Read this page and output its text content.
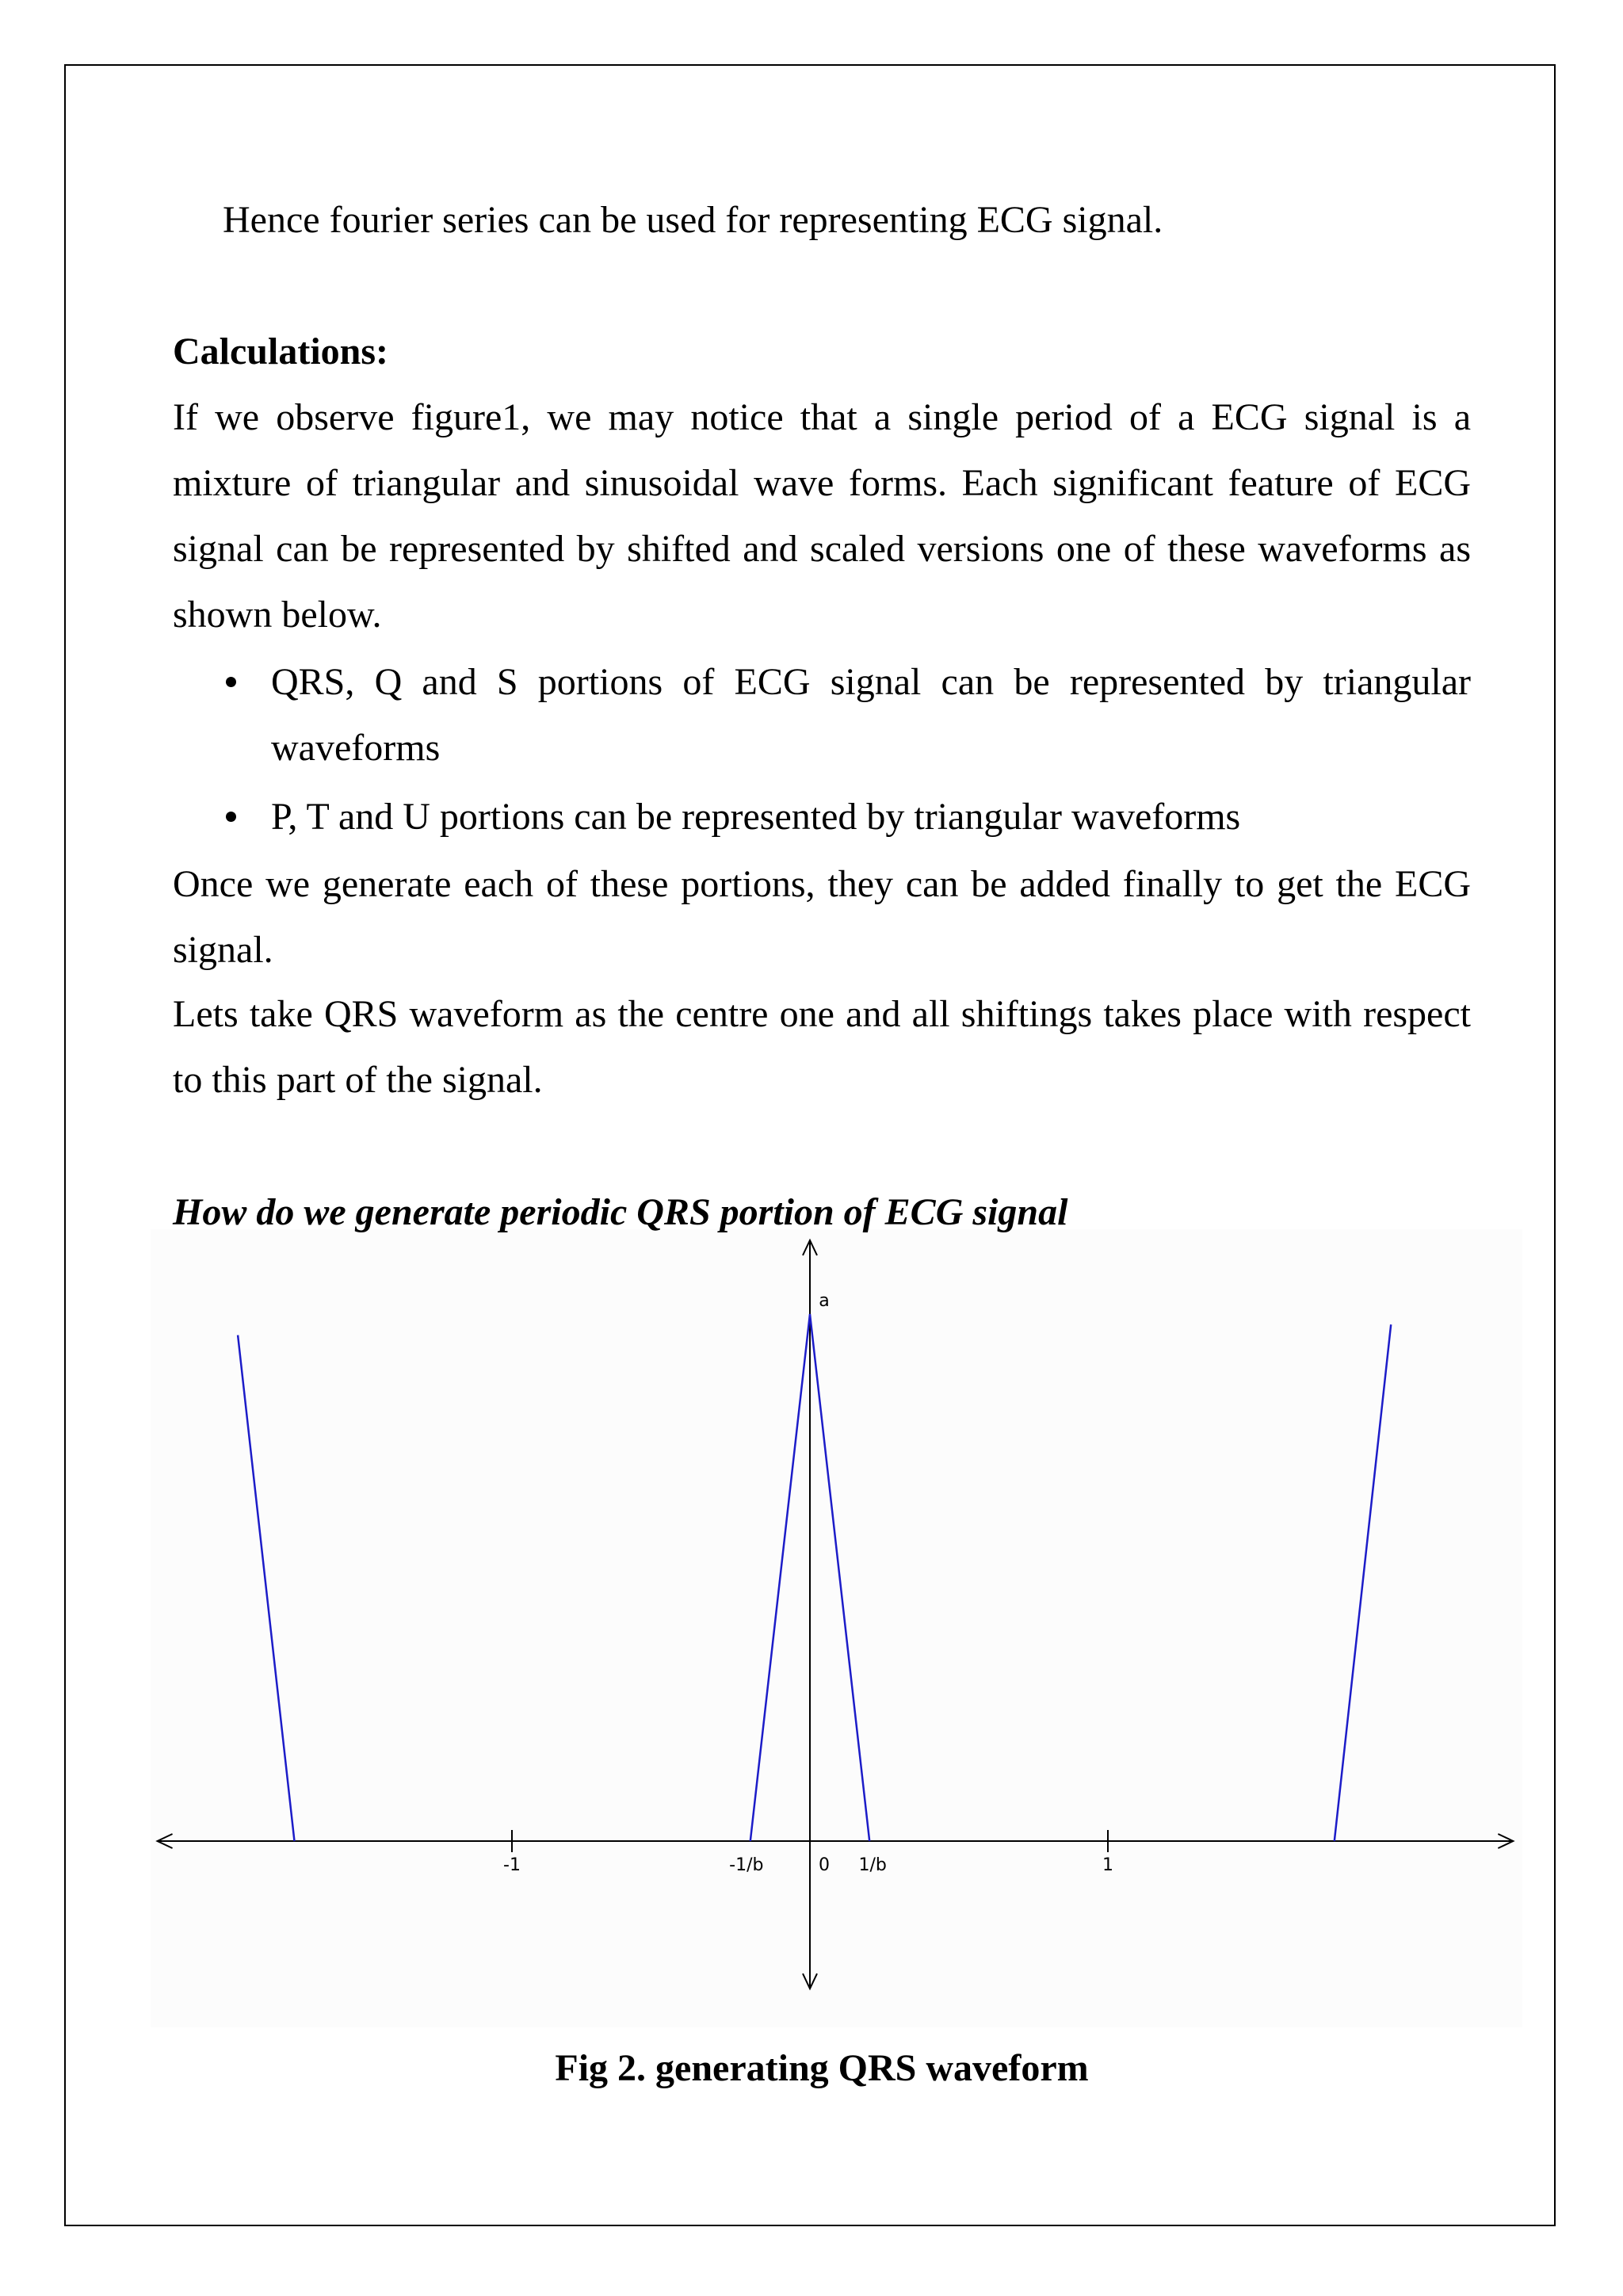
Hence fourier series can be used for representing ECG signal.

Calculations:

If we observe figure1, we may notice that a single period of a ECG signal is a
mixture of triangular and sinusoidal wave forms. Each significant feature of ECG
signal can be represented by shifted and scaled versions one of these waveforms as
shown below.
QRS, Q and S portions of ECG signal can be represented by triangular
waveforms
P, T and U portions can be represented by triangular waveforms
Once we generate each of these portions, they can be added finally to get the ECG
signal.
Lets take QRS waveform as the centre one and all shiftings takes place with respect
to this part of the signal.

How do we generate periodic QRS portion of ECG signal

-1	-1/b	0 1/b	1
a

Fig 2. generating QRS waveform
